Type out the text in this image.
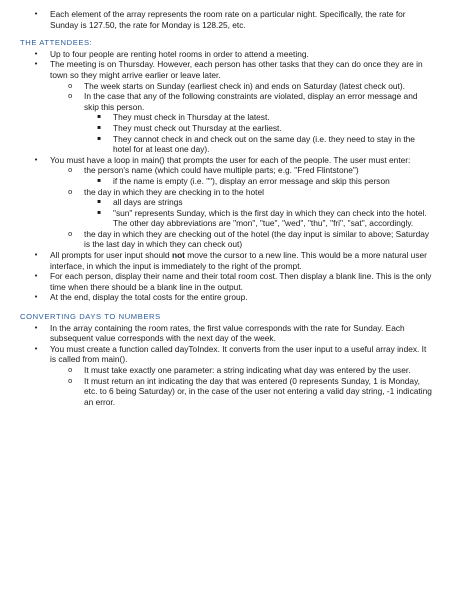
• Each element of the array represents the room rate on a particular night. Specifically, the rate for Sunday is 127.50, the rate for Monday is 128.25, etc.
THE ATTENDEES:
• Up to four people are renting hotel rooms in order to attend a meeting.
• The meeting is on Thursday. However, each person has other tasks that they can do once they are in town so they might arrive earlier or leave later.
o The week starts on Sunday (earliest check in) and ends on Saturday (latest check out).
o In the case that any of the following constraints are violated, display an error message and skip this person.
▪ They must check in Thursday at the latest.
▪ They must check out Thursday at the earliest.
▪ They cannot check in and check out on the same day (i.e. they need to stay in the hotel for at least one day).
• You must have a loop in main() that prompts the user for each of the people. The user must enter:
o the person's name (which could have multiple parts; e.g. "Fred Flintstone")
▪ if the name is empty (i.e. ""), display an error message and skip this person
o the day in which they are checking in to the hotel
▪ all days are strings
▪ "sun" represents Sunday, which is the first day in which they can check into the hotel. The other day abbreviations are "mon", "tue", "wed", "thu", "fri", "sat", accordingly.
o the day in which they are checking out of the hotel (the day input is similar to above; Saturday is the last day in which they can check out)
• All prompts for user input should not move the cursor to a new line. This would be a more natural user interface, in which the input is immediately to the right of the prompt.
• For each person, display their name and their total room cost. Then display a blank line. This is the only time when there should be a blank line in the output.
• At the end, display the total costs for the entire group.
CONVERTING DAYS TO NUMBERS
• In the array containing the room rates, the first value corresponds with the rate for Sunday. Each subsequent value corresponds with the next day of the week.
• You must create a function called dayToIndex. It converts from the user input to a useful array index. It is called from main().
o It must take exactly one parameter: a string indicating what day was entered by the user.
o It must return an int indicating the day that was entered (0 represents Sunday, 1 is Monday, etc. to 6 being Saturday) or, in the case of the user not entering a valid day string, -1 indicating an error.
